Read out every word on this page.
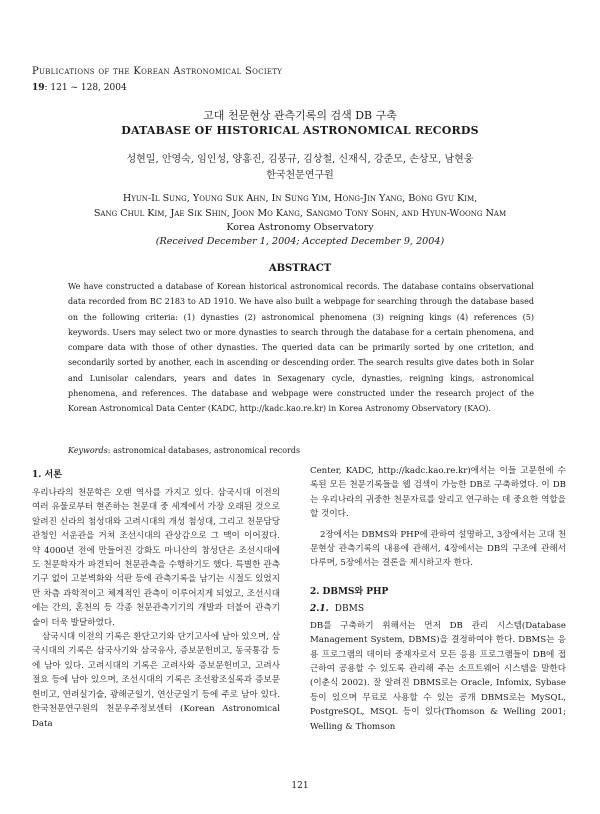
Publications of the Korean Astronomical Society
19: 121 ~ 128, 2004
고대 천문현상 관측기록의 검색 DB 구축
DATABASE OF HISTORICAL ASTRONOMICAL RECORDS
성현일, 안영숙, 임인성, 양홍진, 김봉규, 김상철, 신재식, 강준모, 손상모, 남현웅
한국천문연구원
Hyun-Il Sung, Young Suk Ahn, In Sung Yim, Hong-Jin Yang, Bong Gyu Kim,
Sang Chul Kim, Jae Sik Shin, Joon Mo Kang, Sangmo Tony Sohn, and Hyun-Woong Nam
Korea Astronomy Observatory
(Received December 1, 2004; Accepted December 9, 2004)
ABSTRACT

We have constructed a database of Korean historical astronomical records. The database contains observational data recorded from BC 2183 to AD 1910. We have also built a webpage for searching through the database based on the following criteria: (1) dynasties (2) astronomical phenomena (3) reigning kings (4) references (5) keywords. Users may select two or more dynasties to search through the database for a certain phenomena, and compare data with those of other dynasties. The queried data can be primarily sorted by one critetion, and secondarily sorted by another, each in ascending or descending order. The search results give dates both in Solar and Lunisolar calendars, years and dates in Sexagenary cycle, dynasties, reigning kings, astronomical phenomena, and references. The database and webpage were constructed under the research project of the Korean Astronomical Data Center (KADC, http://kadc.kao.re.kr) in Korea Astronomy Observatory (KAO).

Keywords: astronomical databases, astronomical records

1. 서론

우리나라의 천문학은 오랜 역사를 가지고 있다. 삼국시대 이전의 여러 유물로부터 현존하는 천문대 중 세계에서 가장 오래된 것으로 알려진 신라의 첨성대와 고려시대의 개성 첨성대, 그리고 천문담당관청인 서운관을 거쳐 조선시대의 관상감으로 그 맥이 이어졌다. 약 4000년 전에 만들어진 강화도 마니산의 참성단은 조선시대에도 천문학자가 파견되어 천문관측을 수행하기도 했다. 특별한 관측기구 없이 고분벽화와 석판 등에 관측기록을 남기는 시절도 있었지만 차츰 과학적이고 체계적인 관측이 이루어지게 되었고, 조선시대에는 간의, 혼천의 등 각종 천문관측기기의 개발과 더불어 관측기술이 더욱 발달하였다.

삼국시대 이전의 기록은 환단고기와 단기고사에 남아 있으며, 삼국시대의 기록은 삼국사기와 삼국유사, 증보문헌비고, 동국통감 등에 남아 있다. 고려시대의 기록은 고려사와 증보문헌비고, 고려사절요 등에 남아 있으며, 조선시대의 기록은 조선왕조실록과 증보문헌비고, 연려실기술, 광해군일기, 연산군일기 등에 주로 남아 있다. 한국천문연구원의 천문우주정보센터 (Korean Astronomical Data

Center, KADC, http://kadc.kao.re.kr)에서는 이들 고문헌에 수록된 모든 천문기록들을 웹 검색이 가능한 DB로 구축하였다. 이 DB는 우리나라의 귀중한 천문자료를 알리고 연구하는 데 중요한 역할을 할 것이다.

2장에서는 DBMS와 PHP에 관하여 설명하고, 3장에서는 고대 천문현상 관측기록의 내용에 관해서, 4장에서는 DB의 구조에 관해서 다루며, 5장에서는 결론을 제시하고자 한다.

2. DBMS와 PHP

2.1. DBMS

DB를 구축하기 위해서는 먼저 DB 관리 시스템(Database Management System, DBMS)을 결정하여야 한다. DBMS는 응용 프로그램의 데이터 중재자로서 모든 응용 프로그램들이 DB에 접근하여 공용할 수 있도록 관리해 주는 소프트웨어 시스템을 말한다(이춘식 2002). 잘 알려진 DBMS로는 Oracle, Infomix, Sybase 등이 있으며 무료로 사용할 수 있는 공개 DBMS로는 MySQL, PostgreSQL, MSQL 등이 있다(Thomson & Welling 2001; Welling & Thomson

121
